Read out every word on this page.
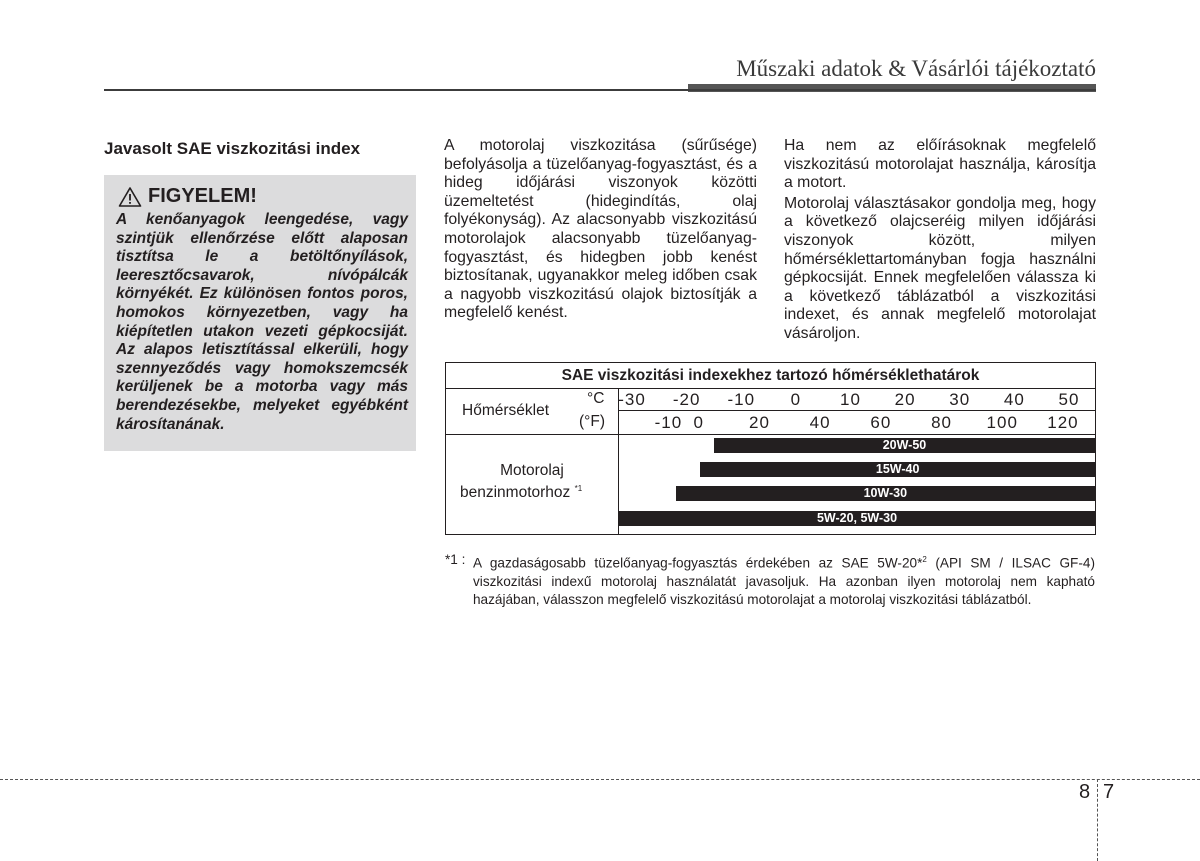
Műszaki adatok & Vásárlói tájékoztató
Javasolt SAE viszkozitási index
FIGYELEM!
A kenőanyagok leengedése, vagy szintjük ellenőrzése előtt alaposan tisztítsa le a betöltőnyílások, leeresztőcsavarok, nívópálcák környékét. Ez különösen fontos poros, homokos környezetben, vagy ha kiépítetlen utakon vezeti gépkocsiját. Az alapos letisztítással elkerüli, hogy szennyeződés vagy homokszemcsék kerüljenek be a motorba vagy más berendezésekbe, melyeket egyébként károsítanának.

A motorolaj viszkozitása (sűrűsége) befolyásolja a tüzelőanyag-fogyasztást, és a hideg időjárási viszonyok közötti üzemeltetést (hidegindítás, olaj folyékonyság). Az alacsonyabb viszkozitású motorolajok alacsonyabb tüzelőanyag-fogyasztást, és hidegben jobb kenést biztosítanak, ugyanakkor meleg időben csak a nagyobb viszkozitású olajok biztosítják a megfelelő kenést.

Ha nem az előírásoknak megfelelő viszkozitású motorolajat használja, károsítja a motort.

Motorolaj választásakor gondolja meg, hogy a következő olajcseréig milyen időjárási viszonyok között, milyen hőmérséklettartományban fogja használni gépkocsiját. Ennek megfelelően válassza ki a következő táblázatból a viszkozitási indexet, és annak megfelelő motorolajat vásároljon.

SAE viszkozitási indexekhez tartozó hőmérséklethatárok
Hőmérséklet
°C
(°F)
Motorolaj
benzinmotorhoz $^{*1}$
-30 -20 -10 0 10 20 30 40 50
-10 0	20 40 60 80 100 120
20W-50
15W-40
10W-30
5W-20, 5W-30
*1 : A gazdaságosabb tüzelőanyag-fogyasztás érdekében az SAE 5W-20*$^2$ (API SM / ILSAC GF-4) viszkozitási indexű motorolaj használatát javasoljuk. Ha azonban ilyen motorolaj nem kapható hazájában, válasszon megfelelő viszkozitású motorolajat a motorolaj viszkozitási táblázatból.
8 7
